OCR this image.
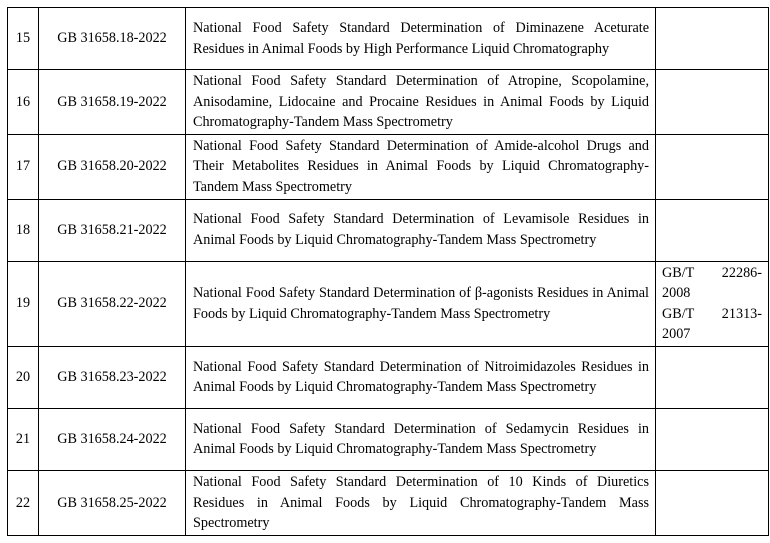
15	GB 31658.18-2022	National Food Safety Standard Determination of Diminazene Aceturate Residues in Animal Foods by High Performance Liquid Chromatography	
16	GB 31658.19-2022	National Food Safety Standard Determination of Atropine, Scopolamine, Anisodamine, Lidocaine and Procaine Residues in Animal Foods by Liquid Chromatography-Tandem Mass Spectrometry	
17	GB 31658.20-2022	National Food Safety Standard Determination of Amide-alcohol Drugs and Their Metabolites Residues in Animal Foods by Liquid Chromatography-Tandem Mass Spectrometry	
18	GB 31658.21-2022	National Food Safety Standard Determination of Levamisole Residues in Animal Foods by Liquid Chromatography-Tandem Mass Spectrometry	
19	GB 31658.22-2022	National Food Safety Standard Determination of β-agonists Residues in Animal Foods by Liquid Chromatography-Tandem Mass Spectrometry	GB/T 22286-2008
GB/T 21313-2007

20	GB 31658.23-2022	National Food Safety Standard Determination of Nitroimidazoles Residues in Animal Foods by Liquid Chromatography-Tandem Mass Spectrometry	
21	GB 31658.24-2022	National Food Safety Standard Determination of Sedamycin Residues in Animal Foods by Liquid Chromatography-Tandem Mass Spectrometry	
22	GB 31658.25-2022	National Food Safety Standard Determination of 10 Kinds of Diuretics Residues in Animal Foods by Liquid Chromatography-Tandem Mass Spectrometry	
